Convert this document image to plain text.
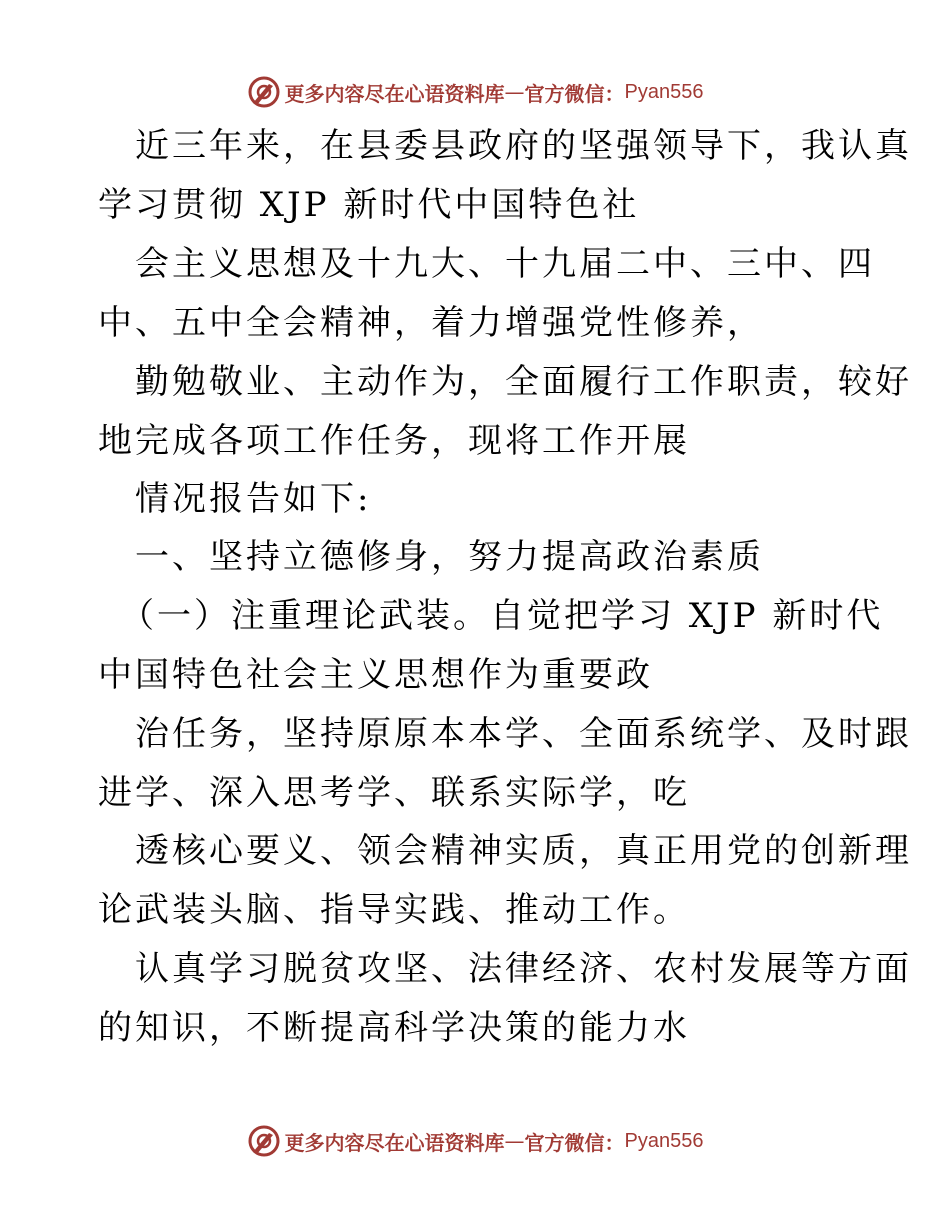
更多内容尽在心语资料库 — 官方微信： Pyan556
近三年来，在县委县政府的坚强领导下，我认真
学习贯彻 XJP 新时代中国特色社
会主义思想及十九大、十九届二中、三中、四
中、五中全会精神，着力增强党性修养，
勤勉敬业、主动作为，全面履行工作职责，较好
地完成各项工作任务，现将工作开展
情况报告如下:
一、坚持立德修身，努力提高政治素质
（一）注重理论武装。自觉把学习 XJP 新时代
中国特色社会主义思想作为重要政
治任务，坚持原原本本学、全面系统学、及时跟
进学、深入思考学、联系实际学，吃
透核心要义、领会精神实质，真正用党的创新理
论武装头脑、指导实践、推动工作。
认真学习脱贫攻坚、法律经济、农村发展等方面
的知识，不断提高科学决策的能力水
更多内容尽在心语资料库 — 官方微信： Pyan556
